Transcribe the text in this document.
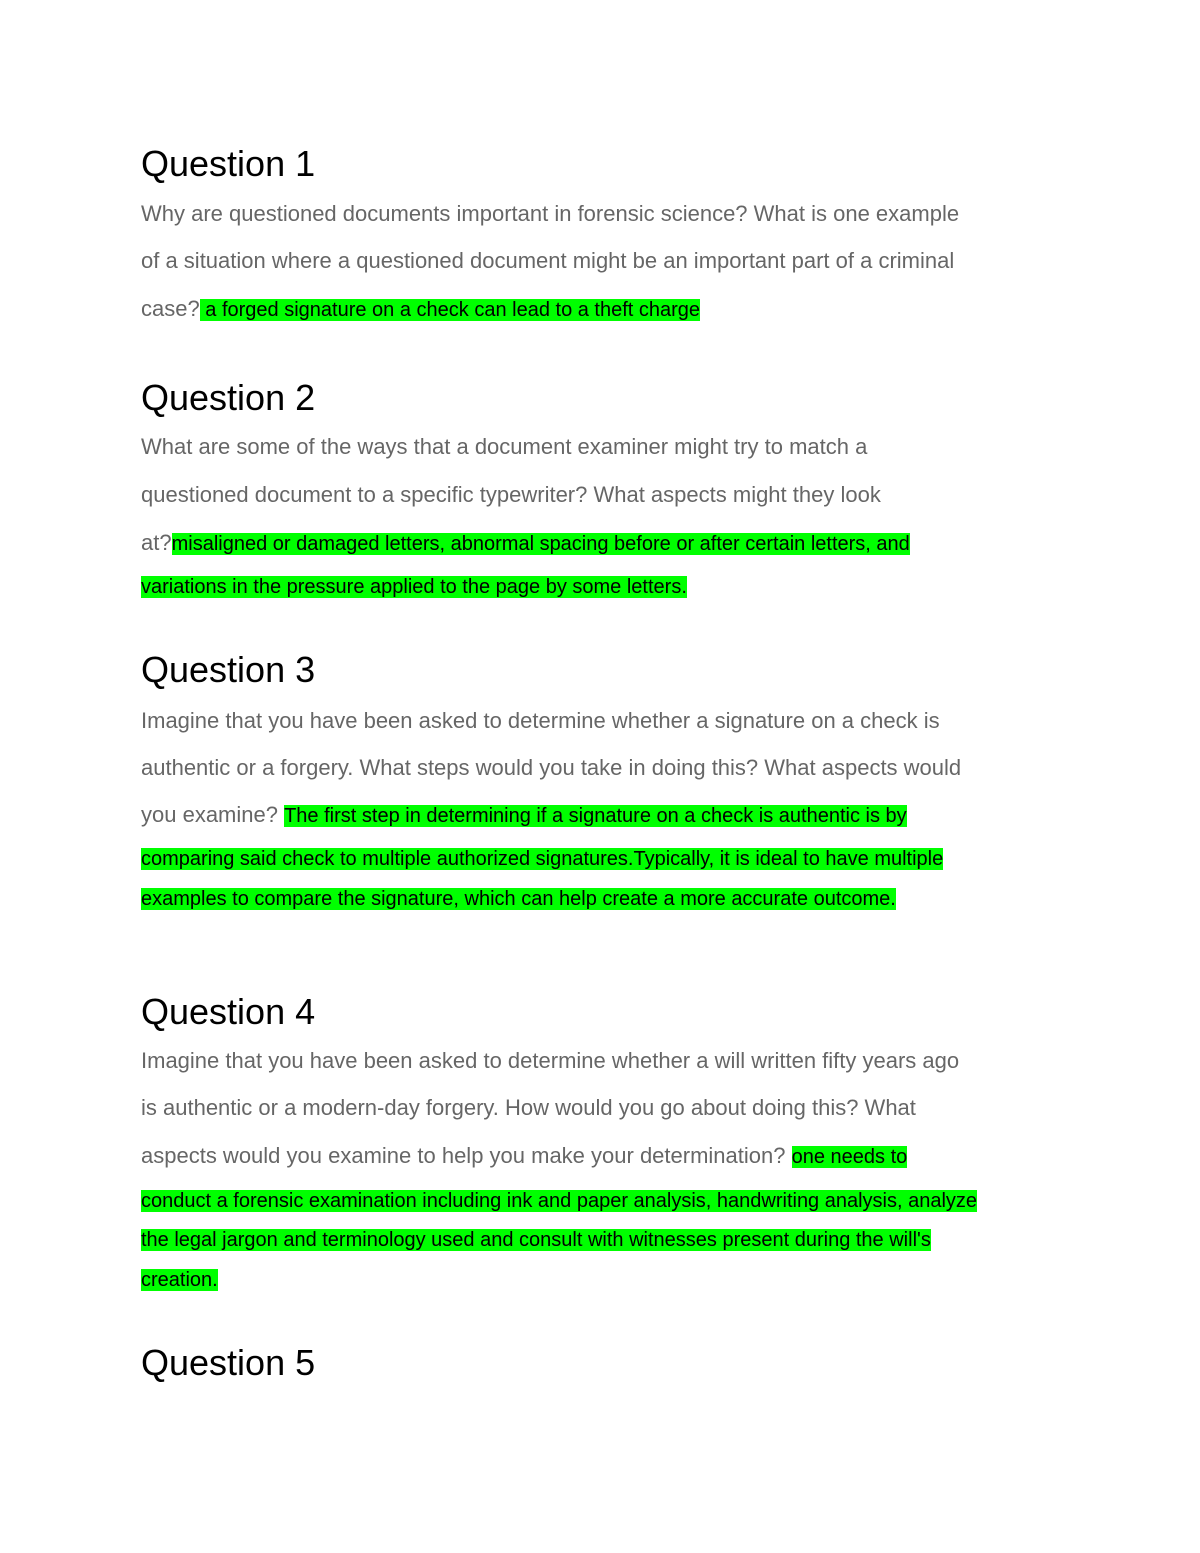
Question 1

Why are questioned documents important in forensic science? What is one example

of a situation where a questioned document might be an important part of a criminal

case? a forged signature on a check can lead to a theft charge

Question 2

What are some of the ways that a document examiner might try to match a

questioned document to a specific typewriter? What aspects might they look

at?misaligned or damaged letters, abnormal spacing before or after certain letters, and

variations in the pressure applied to the page by some letters.

Question 3

Imagine that you have been asked to determine whether a signature on a check is

authentic or a forgery. What steps would you take in doing this? What aspects would

you examine? The first step in determining if a signature on a check is authentic is by

comparing said check to multiple authorized signatures.Typically, it is ideal to have multiple

examples to compare the signature, which can help create a more accurate outcome.

Question 4

Imagine that you have been asked to determine whether a will written fifty years ago

is authentic or a modern-day forgery. How would you go about doing this? What

aspects would you examine to help you make your determination? one needs to

conduct a forensic examination including ink and paper analysis, handwriting analysis, analyze

the legal jargon and terminology used and consult with witnesses present during the will's

creation.

Question 5
